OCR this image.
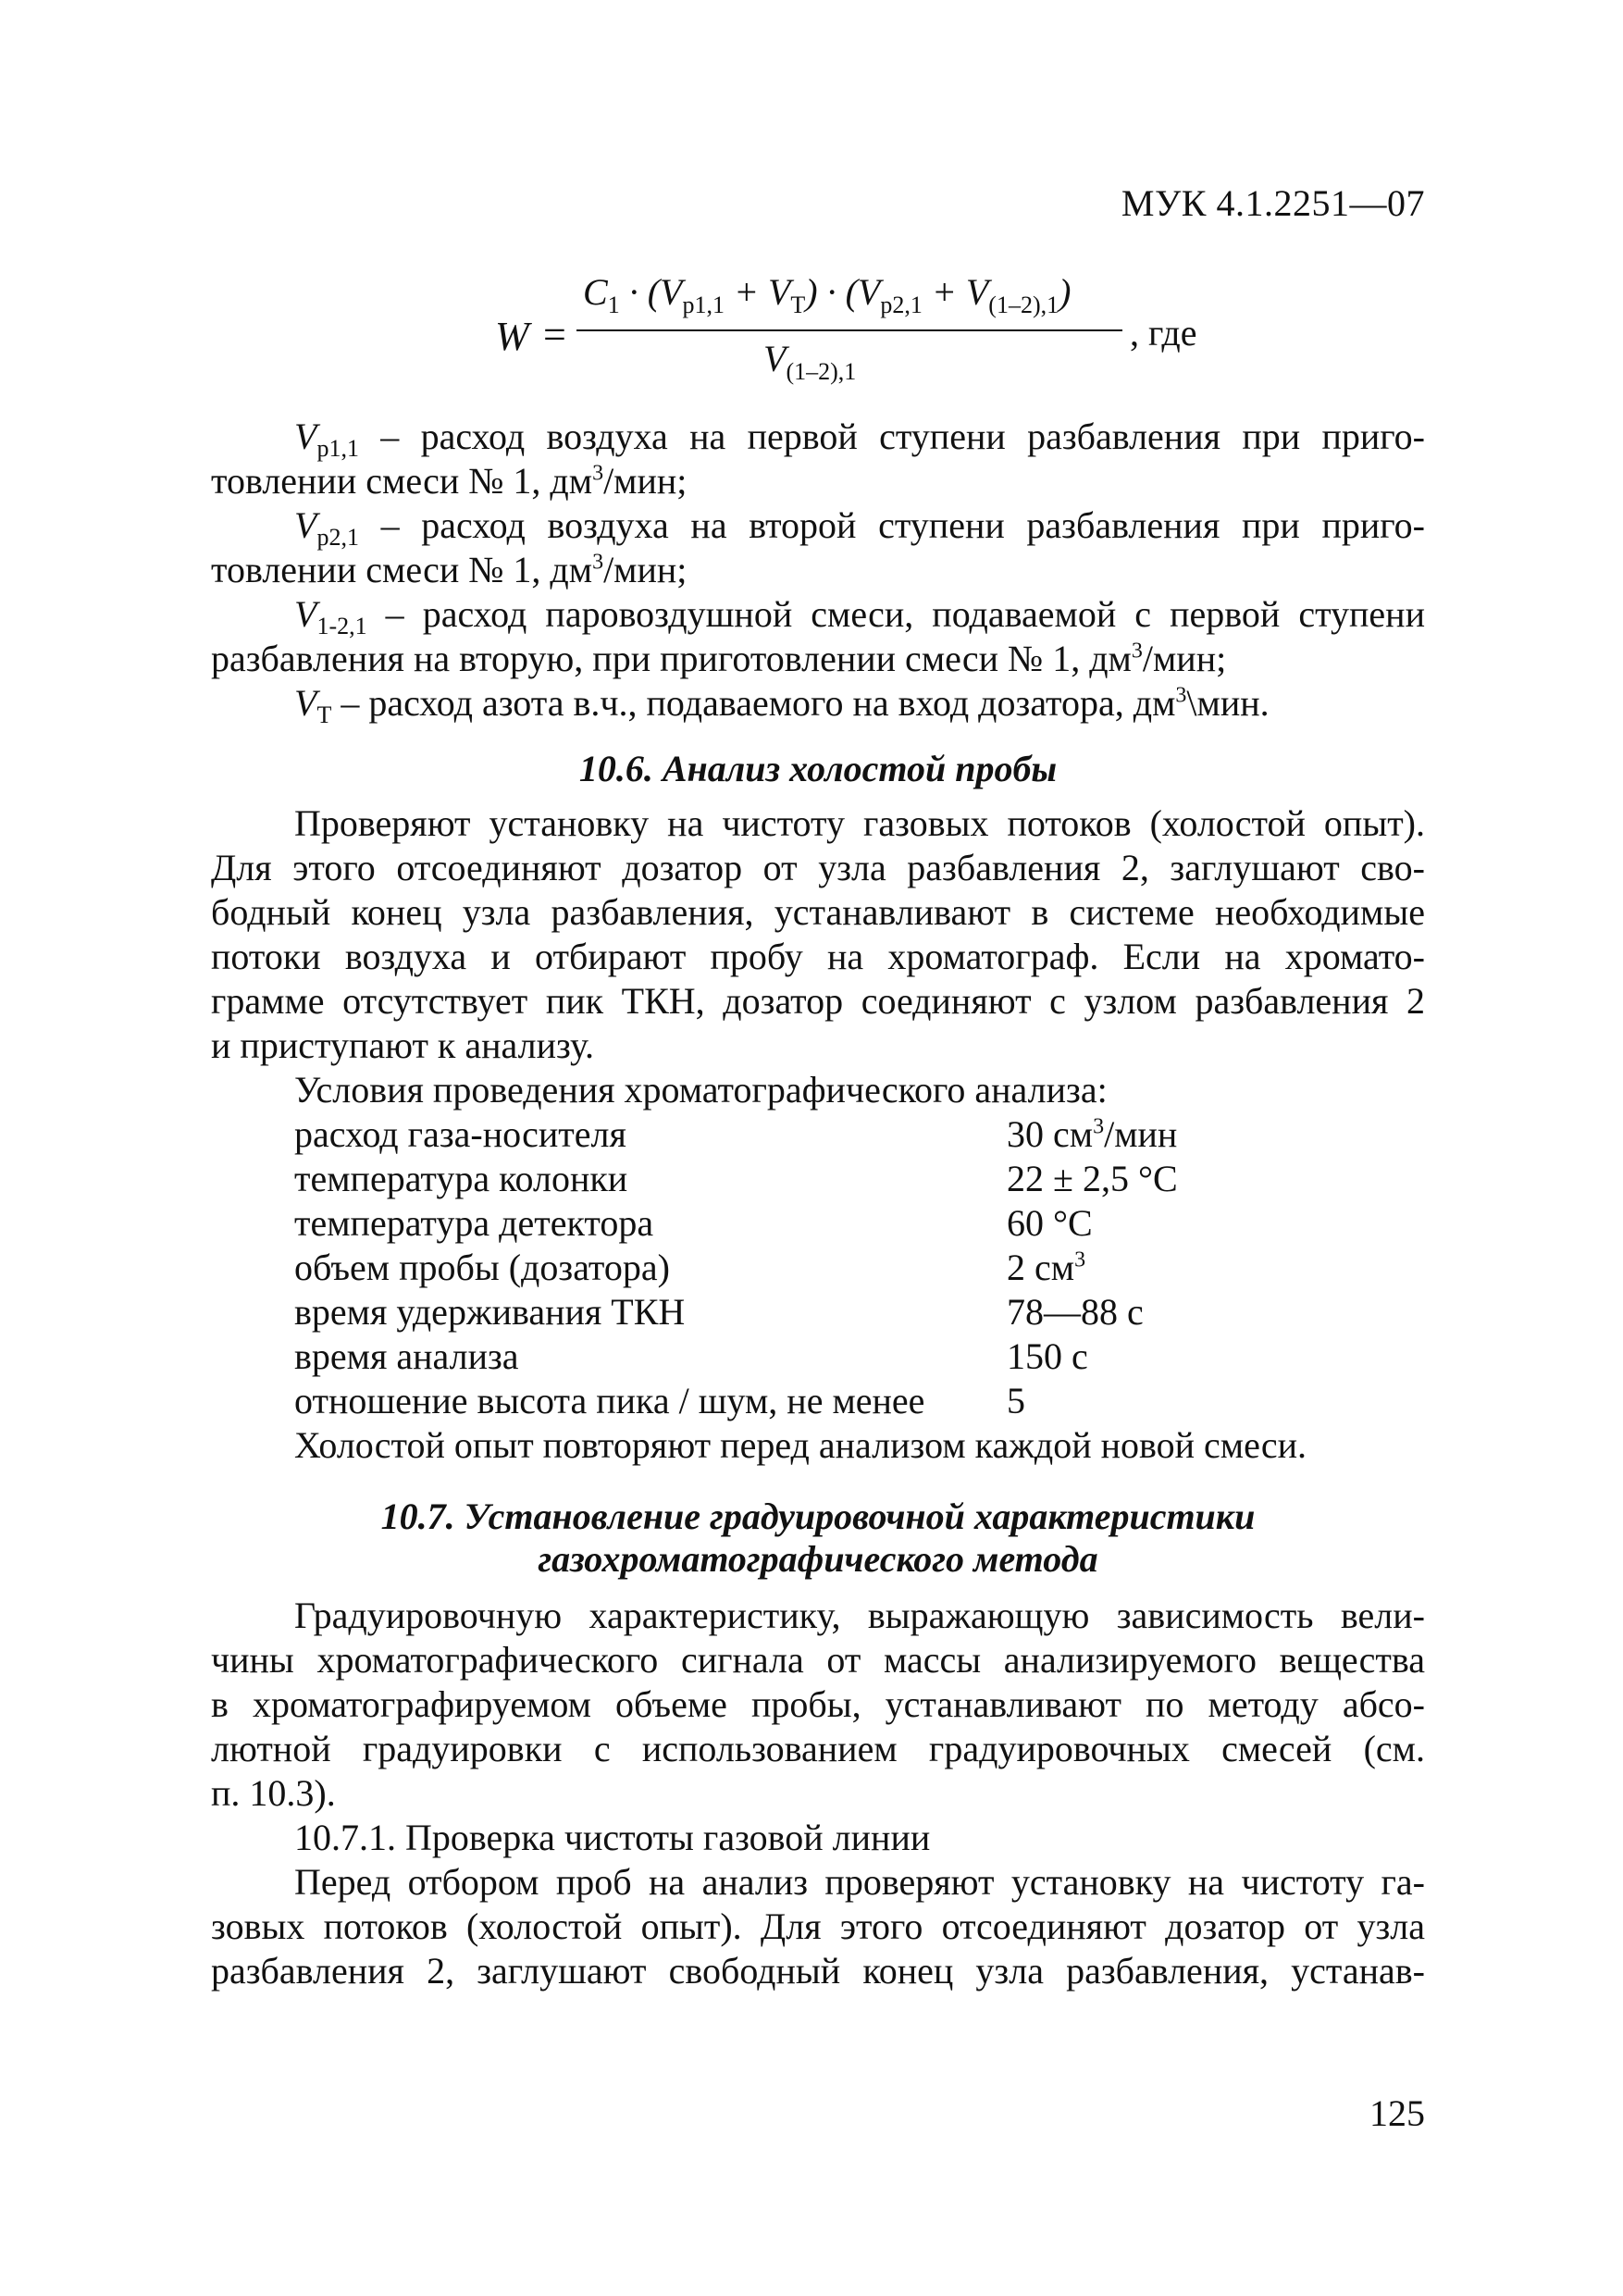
МУК 4.1.2251—07
W =
$C_1 \cdot (V_{p1,1} + V_T) \cdot (V_{p2,1} + V_{(1-2),1})$
$V_{(1-2),1}$
, где
$V_{p1,1}$ – расход воздуха на первой ступени разбавления при приго-
товлении смеси № 1, $дм^3$/мин;
$V_{p2,1}$ – расход воздуха на второй ступени разбавления при приго-
товлении смеси № 1, $дм^3$/мин;
$V_{1-2,1}$ – расход паровоздушной смеси, подаваемой с первой ступени
разбавления на вторую, при приготовлении смеси № 1, $дм^3$/мин;
$V_Т$ – расход азота в.ч., подаваемого на вход дозатора, $дм^3\backslash мин$.
10.6. Анализ холостой пробы
Проверяют установку на чистоту газовых потоков (холостой опыт).
Для этого отсоединяют дозатор от узла разбавления 2, заглушают сво-
бодный конец узла разбавления, устанавливают в системе необходимые
потоки воздуха и отбирают пробу на хроматограф. Если на хромато-
грамме отсутствует пик ТКН, дозатор соединяют с узлом разбавления 2
и приступают к анализу.
Условия проведения хроматографического анализа:
расход газа-носителя	30 $см^3$/мин
температура колонки	22 ± 2,5 °С
температура детектора	60 °С
объем пробы (дозатора)	2 $см^3$
время удерживания ТКН	78—88 с
время анализа	150 с
отношение высота пика / шум, не менее	5
Холостой опыт повторяют перед анализом каждой новой смеси.
10.7. Установление градуировочной характеристики
газохроматографического метода
Градуировочную характеристику, выражающую зависимость вели-
чины хроматографического сигнала от массы анализируемого вещества
в хроматографируемом объеме пробы, устанавливают по методу абсо-
лютной градуировки с использованием градуировочных смесей (см.
п. 10.3).
10.7.1. Проверка чистоты газовой линии
Перед отбором проб на анализ проверяют установку на чистоту га-
зовых потоков (холостой опыт). Для этого отсоединяют дозатор от узла
разбавления 2, заглушают свободный конец узла разбавления, устанав-
125
